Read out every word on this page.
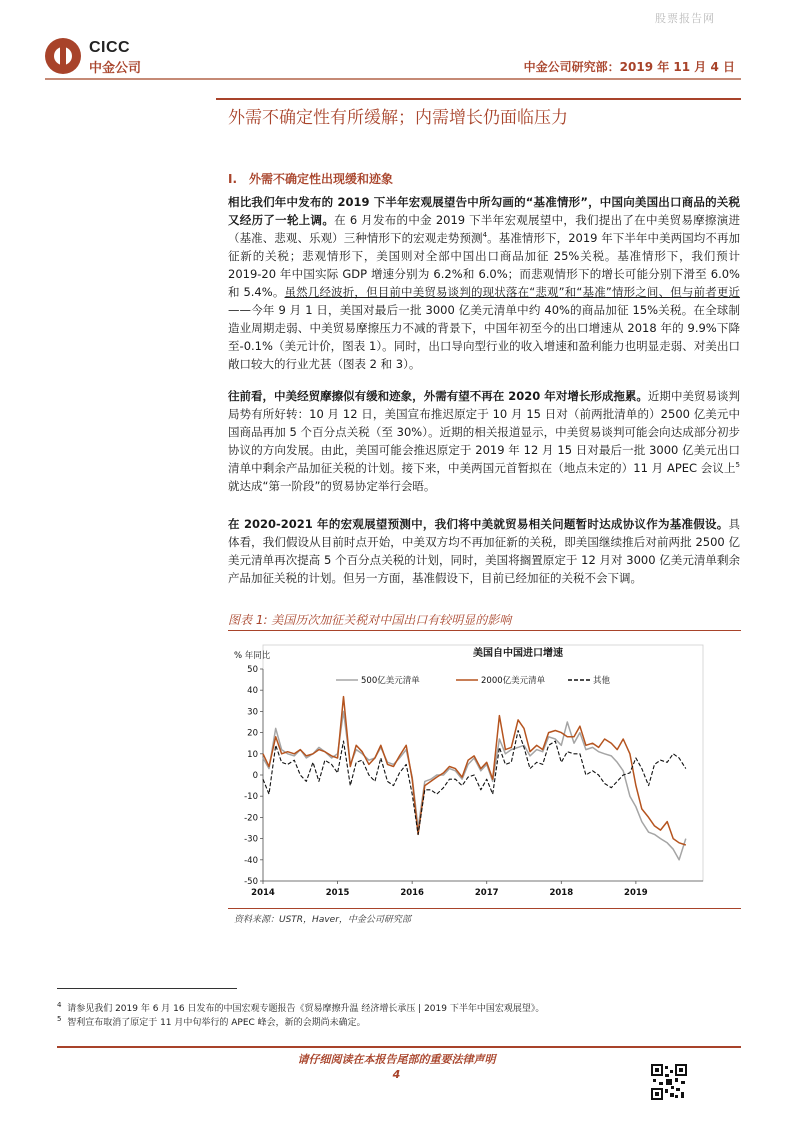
股票报告网
CICC
中金公司	中金公司研究部：2019 年 11 月 4 日
外需不确定性有所缓解；内需增长仍面临压力
I.　外需不确定性出现缓和迹象
相比我们年中发布的 2019 下半年宏观展望告中所勾画的“基准情形”，中国向美国出口商品的关税又经历了一轮上调。在 6 月发布的中金 2019 下半年宏观展望中，我们提出了在中美贸易摩擦演进（基准、悲观、乐观）三种情形下的宏观走势预测$^4$。基准情形下，2019 年下半年中美两国均不再加征新的关税；悲观情形下，美国则对全部中国出口商品加征 25%关税。基准情形下，我们预计 2019-20 年中国实际 GDP 增速分别为 6.2%和 6.0%；而悲观情形下的增长可能分别下滑至 6.0%和 5.4%。虽然几经波折，但目前中美贸易谈判的现状落在“悲观”和“基准”情形之间、但与前者更近——今年 9 月 1 日，美国对最后一批 3000 亿美元清单中约 40%的商品加征 15%关税。在全球制造业周期走弱、中美贸易摩擦压力不减的背景下，中国年初至今的出口增速从 2018 年的 9.9%下降至-0.1%（美元计价，图表 1）。同时，出口导向型行业的收入增速和盈利能力也明显走弱、对美出口敞口较大的行业尤甚（图表 2 和 3）。
往前看，中美经贸摩擦似有缓和迹象，外需有望不再在 2020 年对增长形成拖累。近期中美贸易谈判局势有所好转：10 月 12 日，美国宣布推迟原定于 10 月 15 日对（前两批清单的）2500 亿美元中国商品再加 5 个百分点关税（至 30%）。近期的相关报道显示，中美贸易谈判可能会向达成部分初步协议的方向发展。由此，美国可能会推迟原定于 2019 年 12 月 15 日对最后一批 3000 亿美元出口清单中剩余产品加征关税的计划。接下来，中美两国元首暂拟在（地点未定的）11 月 APEC 会议上$^5$就达成“第一阶段”的贸易协定举行会晤。
在 2020-2021 年的宏观展望预测中，我们将中美就贸易相关问题暂时达成协议作为基准假设。具体看，我们假设从目前时点开始，中美双方均不再加征新的关税，即美国继续推后对前两批 2500 亿美元清单再次提高 5 个百分点关税的计划，同时，美国将搁置原定于 12 月对 3000 亿美元清单剩余产品加征关税的计划。但另一方面，基准假设下，目前已经加征的关税不会下调。
图表 1: 美国历次加征关税对中国出口有较明显的影响
美国自中国进口增速
% 年同比
50
40
30
20
10
0
-10
-20
-30
-40
-50
2014	2015	2016	2017	2018	2019
500亿美元清单	2000亿美元清单	其他
资料来源：USTR，Haver，中金公司研究部
$^4$ 请参见我们 2019 年 6 月 16 日发布的中国宏观专题报告《贸易摩擦升温 经济增长承压 | 2019 下半年中国宏观展望》。
$^5$ 智利宣布取消了原定于 11 月中旬举行的 APEC 峰会，新的会期尚未确定。
请仔细阅读在本报告尾部的重要法律声明
4
